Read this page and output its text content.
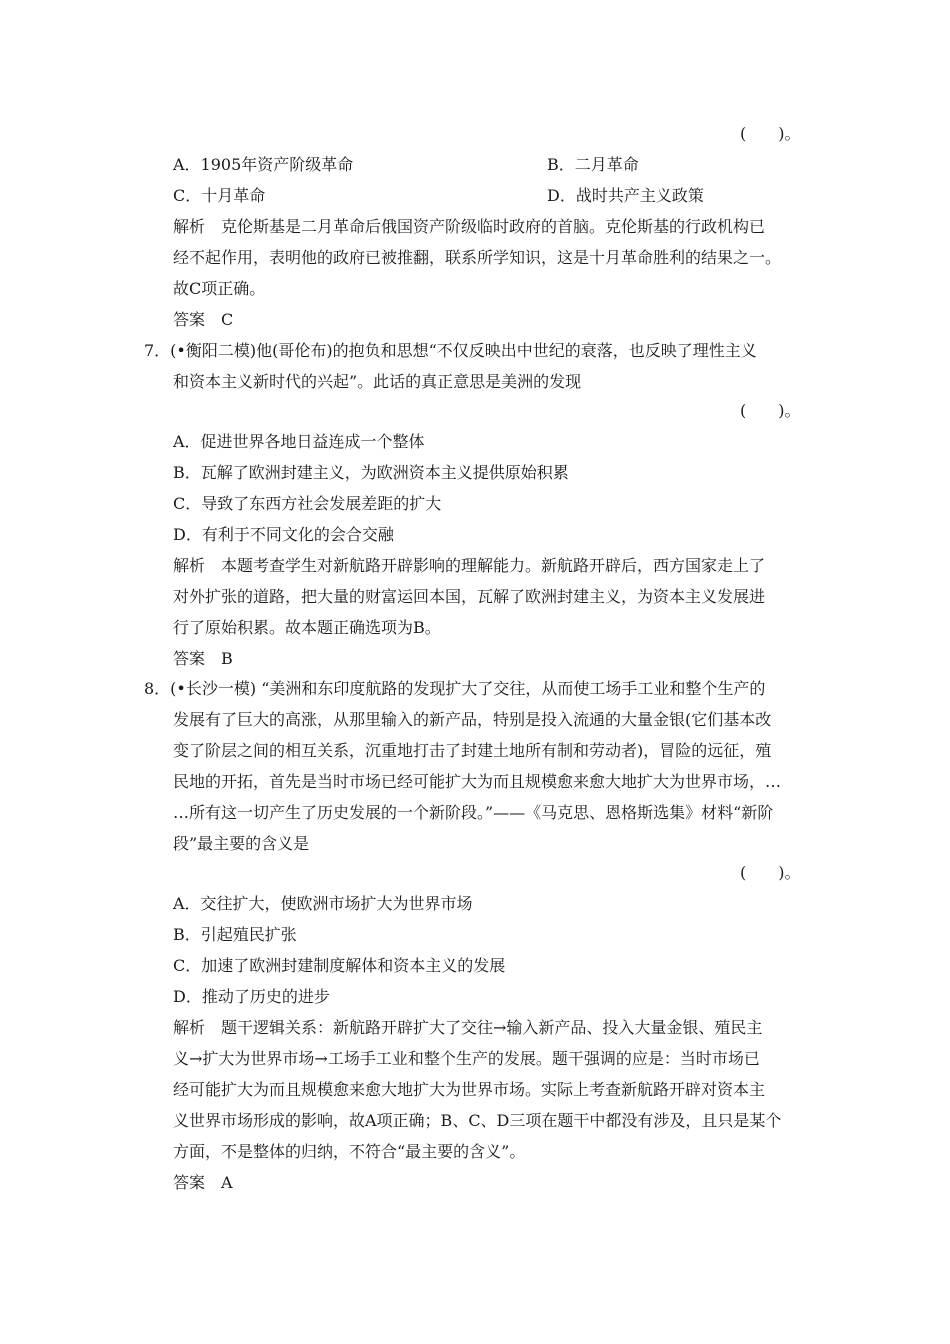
(　　)。
A．1905年资产阶级革命	B．二月革命
C．十月革命	D．战时共产主义政策
解析　克伦斯基是二月革命后俄国资产阶级临时政府的首脑。克伦斯基的行政机构已
经不起作用，表明他的政府已被推翻，联系所学知识，这是十月革命胜利的结果之一。
故C项正确。
答案　C
7．(•衡阳二模)他(哥伦布)的抱负和思想“不仅反映出中世纪的衰落，也反映了理性主义
和资本主义新时代的兴起”。此话的真正意思是美洲的发现
(　　)。
A．促进世界各地日益连成一个整体
B．瓦解了欧洲封建主义，为欧洲资本主义提供原始积累
C．导致了东西方社会发展差距的扩大
D．有利于不同文化的会合交融
解析　本题考查学生对新航路开辟影响的理解能力。新航路开辟后，西方国家走上了
对外扩张的道路，把大量的财富运回本国，瓦解了欧洲封建主义，为资本主义发展进
行了原始积累。故本题正确选项为B。
答案　B
8．(•长沙一模) “美洲和东印度航路的发现扩大了交往，从而使工场手工业和整个生产的
发展有了巨大的高涨，从那里输入的新产品，特别是投入流通的大量金银(它们基本改
变了阶层之间的相互关系，沉重地打击了封建土地所有制和劳动者)，冒险的远征，殖
民地的开拓，首先是当时市场已经可能扩大为而且规模愈来愈大地扩大为世界市场，…
…所有这一切产生了历史发展的一个新阶段。”——《马克思、恩格斯选集》材料“新阶
段”最主要的含义是
(　　)。
A．交往扩大，使欧洲市场扩大为世界市场
B．引起殖民扩张
C．加速了欧洲封建制度解体和资本主义的发展
D．推动了历史的进步
解析　题干逻辑关系：新航路开辟扩大了交往→输入新产品、投入大量金银、殖民主
义→扩大为世界市场→工场手工业和整个生产的发展。题干强调的应是：当时市场已
经可能扩大为而且规模愈来愈大地扩大为世界市场。实际上考查新航路开辟对资本主
义世界市场形成的影响，故A项正确；B、C、D三项在题干中都没有涉及，且只是某个
方面，不是整体的归纳，不符合“最主要的含义”。
答案　A
